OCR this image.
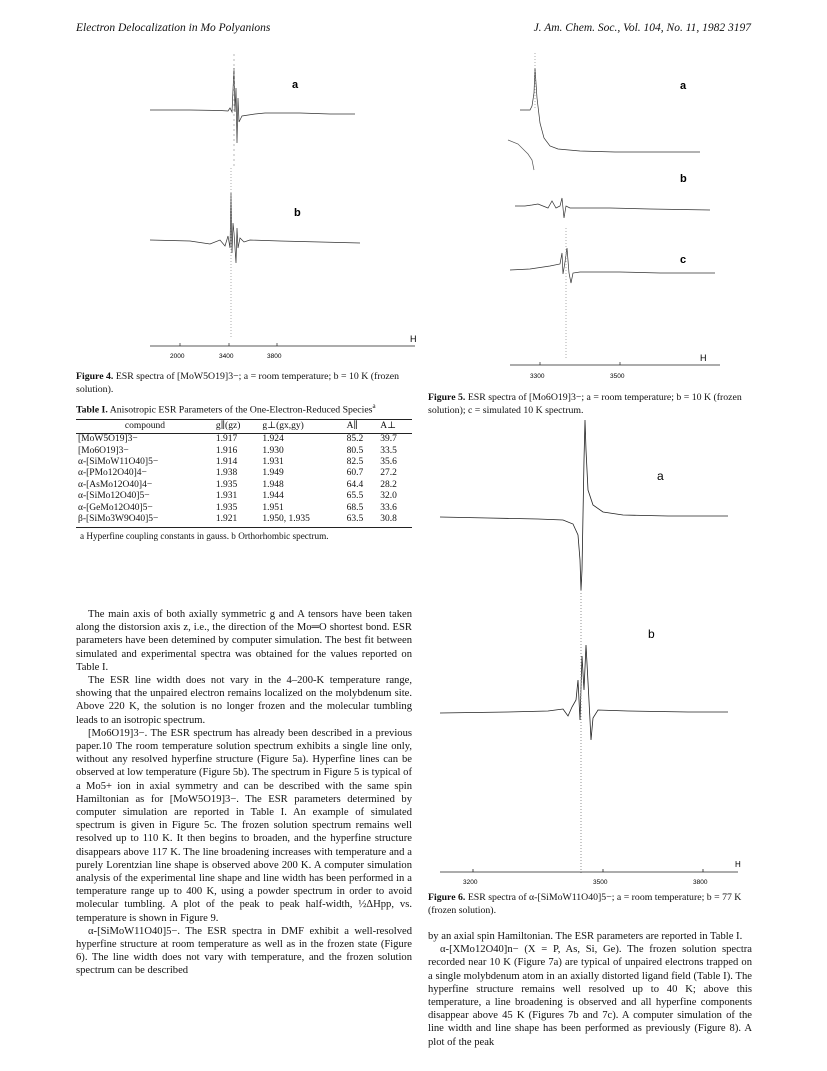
Electron Delocalization in Mo Polyanions	J. Am. Chem. Soc., Vol. 104, No. 11, 1982 3197
a
b
H
2000	3400	3800
Figure 4. ESR spectra of [MoW5O19]3−; a = room temperature; b = 10 K (frozen solution).
Table I. Anisotropic ESR Parameters of the One-Electron-Reduced Species$^a$
compound	g∥(gz)	g⊥(gx,gy)	A∥	A⊥
[MoW5O19]3−	1.917	1.924	85.2	39.7
[Mo6O19]3−	1.916	1.930	80.5	33.5
α-[SiMoW11O40]5−	1.914	1.931	82.5	35.6
α-[PMo12O40]4−	1.938	1.949	60.7	27.2
α-[AsMo12O40]4−	1.935	1.948	64.4	28.2
α-[SiMo12O40]5−	1.931	1.944	65.5	32.0
α-[GeMo12O40]5−	1.935	1.951	68.5	33.6
β-[SiMo3W9O40]5−	1.921	1.950, 1.935	63.5	30.8
a Hyperfine coupling constants in gauss. b Orthorhombic spectrum.

The main axis of both axially symmetric g and A tensors have been taken along the distorsion axis z, i.e., the direction of the Mo═O shortest bond. ESR parameters have been detemined by computer simulation. The best fit between simulated and experimental spectra was obtained for the values reported on Table I.

The ESR line width does not vary in the 4–200-K temperature range, showing that the unpaired electron remains localized on the molybdenum site. Above 220 K, the solution is no longer frozen and the molecular tumbling leads to an isotropic spectrum.

[Mo6O19]3−. The ESR spectrum has already been described in a previous paper.10 The room temperature solution spectrum exhibits a single line only, without any resolved hyperfine structure (Figure 5a). Hyperfine lines can be observed at low temperature (Figure 5b). The spectrum in Figure 5 is typical of a Mo5+ ion in axial symmetry and can be described with the same spin Hamiltonian as for [MoW5O19]3−. The ESR parameters determined by computer simulation are reported in Table I. An example of simulated spectrum is given in Figure 5c. The frozen solution spectrum remains well resolved up to 110 K. It then begins to broaden, and the hyperfine structure disappears above 117 K. The line broadening increases with temperature and a purely Lorentzian line shape is observed above 200 K. A computer simulation analysis of the experimental line shape and line width has been performed in a temperature range up to 400 K, using a powder spectrum in order to avoid molecular tumbling. A plot of the peak to peak half-width, ½ΔHpp, vs. temperature is shown in Figure 9.

α-[SiMoW11O40]5−. The ESR spectra in DMF exhibit a well-resolved hyperfine structure at room temperature as well as in the frozen state (Figure 6). The line width does not vary with temperature, and the frozen solution spectrum can be described

a
b
c
H
3300	3500
Figure 5. ESR spectra of [Mo6O19]3−; a = room temperature; b = 10 K (frozen solution); c = simulated 10 K spectrum.
a
b
H
3200	3500	3800
Figure 6. ESR spectra of α-[SiMoW11O40]5−; a = room temperature; b = 77 K (frozen solution).

by an axial spin Hamiltonian. The ESR parameters are reported in Table I.

α-[XMo12O40]n− (X = P, As, Si, Ge). The frozen solution spectra recorded near 10 K (Figure 7a) are typical of unpaired electrons trapped on a single molybdenum atom in an axially distorted ligand field (Table I). The hyperfine structure remains well resolved up to 40 K; above this temperature, a line broadening is observed and all hyperfine components disappear above 45 K (Figures 7b and 7c). A computer simulation of the line width and line shape has been performed as previously (Figure 8). A plot of the peak
